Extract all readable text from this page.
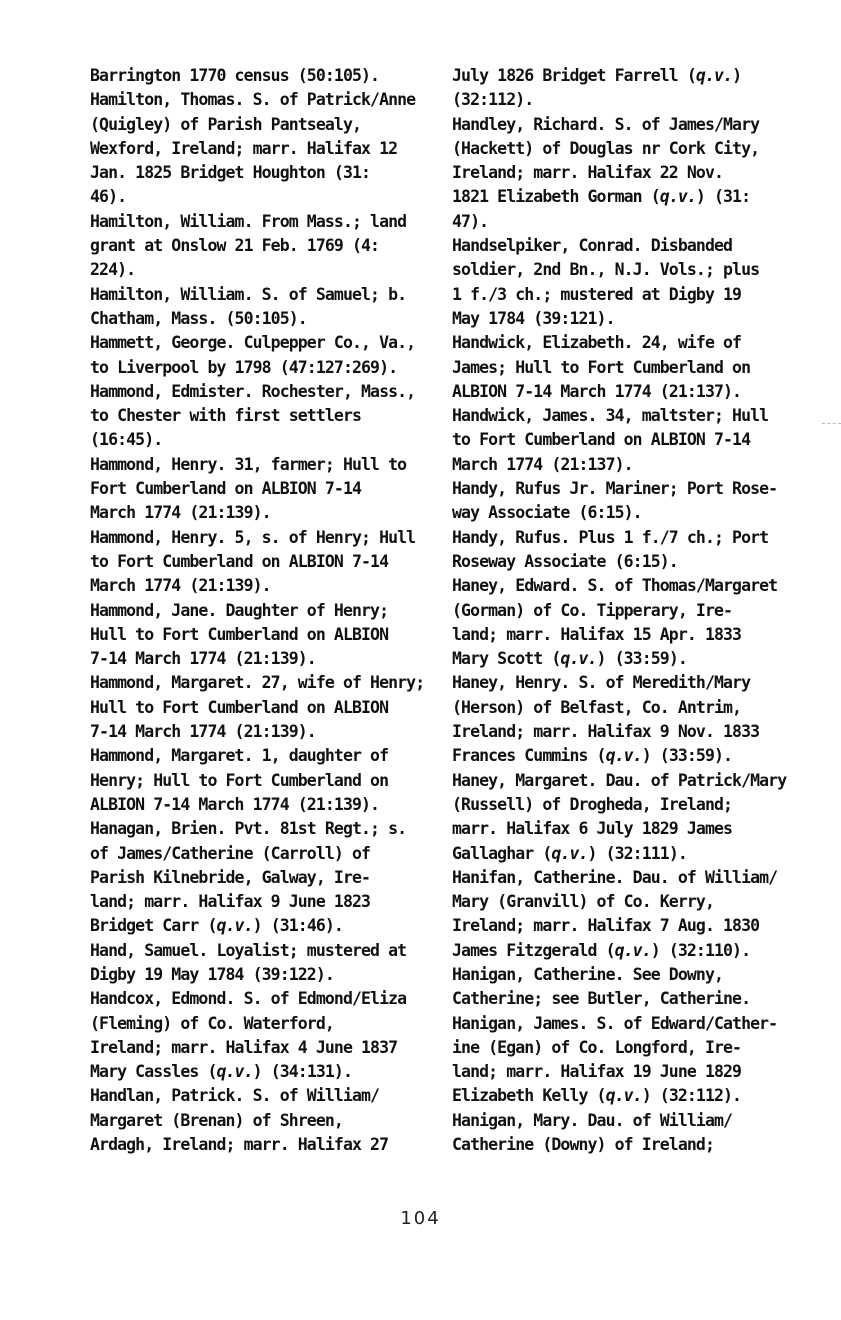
Barrington 1770 census (50:105).
Hamilton, Thomas. S. of Patrick/Anne
(Quigley) of Parish Pantsealy,
Wexford, Ireland; marr. Halifax 12
Jan. 1825 Bridget Houghton (31:
46).
Hamilton, William. From Mass.; land
grant at Onslow 21 Feb. 1769 (4:
224).
Hamilton, William. S. of Samuel; b.
Chatham, Mass. (50:105).
Hammett, George. Culpepper Co., Va.,
to Liverpool by 1798 (47:127:269).
Hammond, Edmister. Rochester, Mass.,
to Chester with first settlers
(16:45).
Hammond, Henry. 31, farmer; Hull to
Fort Cumberland on ALBION 7-14
March 1774 (21:139).
Hammond, Henry. 5, s. of Henry; Hull
to Fort Cumberland on ALBION 7-14
March 1774 (21:139).
Hammond, Jane. Daughter of Henry;
Hull to Fort Cumberland on ALBION
7-14 March 1774 (21:139).
Hammond, Margaret. 27, wife of Henry;
Hull to Fort Cumberland on ALBION
7-14 March 1774 (21:139).
Hammond, Margaret. 1, daughter of
Henry; Hull to Fort Cumberland on
ALBION 7-14 March 1774 (21:139).
Hanagan, Brien. Pvt. 81st Regt.; s.
of James/Catherine (Carroll) of
Parish Kilnebride, Galway, Ire-
land; marr. Halifax 9 June 1823
Bridget Carr (q.v.) (31:46).
Hand, Samuel. Loyalist; mustered at
Digby 19 May 1784 (39:122).
Handcox, Edmond. S. of Edmond/Eliza
(Fleming) of Co. Waterford,
Ireland; marr. Halifax 4 June 1837
Mary Cassles (q.v.) (34:131).
Handlan, Patrick. S. of William/
Margaret (Brenan) of Shreen,
Ardagh, Ireland; marr. Halifax 27
July 1826 Bridget Farrell (q.v.)
(32:112).
Handley, Richard. S. of James/Mary
(Hackett) of Douglas nr Cork City,
Ireland; marr. Halifax 22 Nov.
1821 Elizabeth Gorman (q.v.) (31:
47).
Handselpiker, Conrad. Disbanded
soldier, 2nd Bn., N.J. Vols.; plus
1 f./3 ch.; mustered at Digby 19
May 1784 (39:121).
Handwick, Elizabeth. 24, wife of
James; Hull to Fort Cumberland on
ALBION 7-14 March 1774 (21:137).
Handwick, James. 34, maltster; Hull
to Fort Cumberland on ALBION 7-14
March 1774 (21:137).
Handy, Rufus Jr. Mariner; Port Rose-
way Associate (6:15).
Handy, Rufus. Plus 1 f./7 ch.; Port
Roseway Associate (6:15).
Haney, Edward. S. of Thomas/Margaret
(Gorman) of Co. Tipperary, Ire-
land; marr. Halifax 15 Apr. 1833
Mary Scott (q.v.) (33:59).
Haney, Henry. S. of Meredith/Mary
(Herson) of Belfast, Co. Antrim,
Ireland; marr. Halifax 9 Nov. 1833
Frances Cummins (q.v.) (33:59).
Haney, Margaret. Dau. of Patrick/Mary
(Russell) of Drogheda, Ireland;
marr. Halifax 6 July 1829 James
Gallaghar (q.v.) (32:111).
Hanifan, Catherine. Dau. of William/
Mary (Granvill) of Co. Kerry,
Ireland; marr. Halifax 7 Aug. 1830
James Fitzgerald (q.v.) (32:110).
Hanigan, Catherine. See Downy,
Catherine; see Butler, Catherine.
Hanigan, James. S. of Edward/Cather-
ine (Egan) of Co. Longford, Ire-
land; marr. Halifax 19 June 1829
Elizabeth Kelly (q.v.) (32:112).
Hanigan, Mary. Dau. of William/
Catherine (Downy) of Ireland;
104
